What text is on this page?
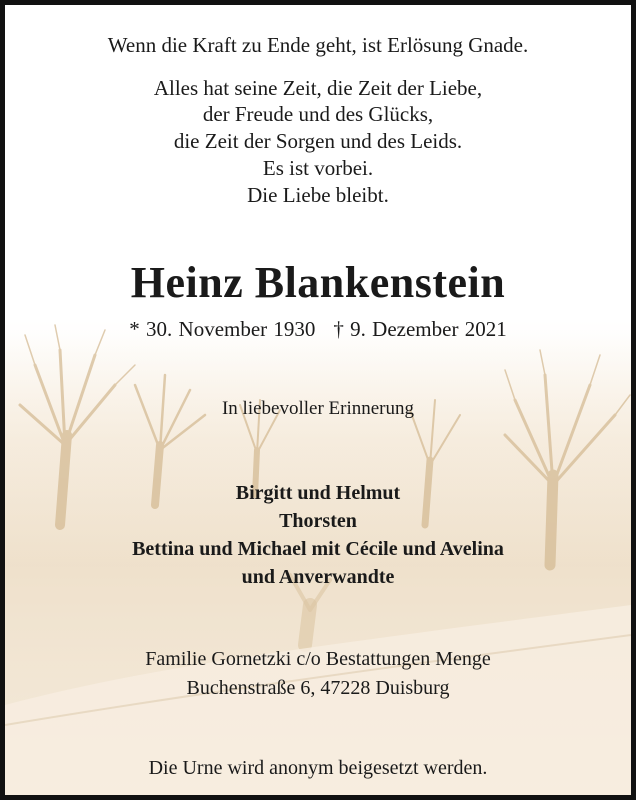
Wenn die Kraft zu Ende geht, ist Erlösung Gnade.
Alles hat seine Zeit, die Zeit der Liebe,
der Freude und des Glücks,
die Zeit der Sorgen und des Leids.
Es ist vorbei.
Die Liebe bleibt.
Heinz Blankenstein
* 30. November 1930 † 9. Dezember 2021
In liebevoller Erinnerung
Birgitt und Helmut
Thorsten
Bettina und Michael mit Cécile und Avelina
und Anverwandte
Familie Gornetzki c/o Bestattungen Menge
Buchenstraße 6, 47228 Duisburg
Die Urne wird anonym beigesetzt werden.
